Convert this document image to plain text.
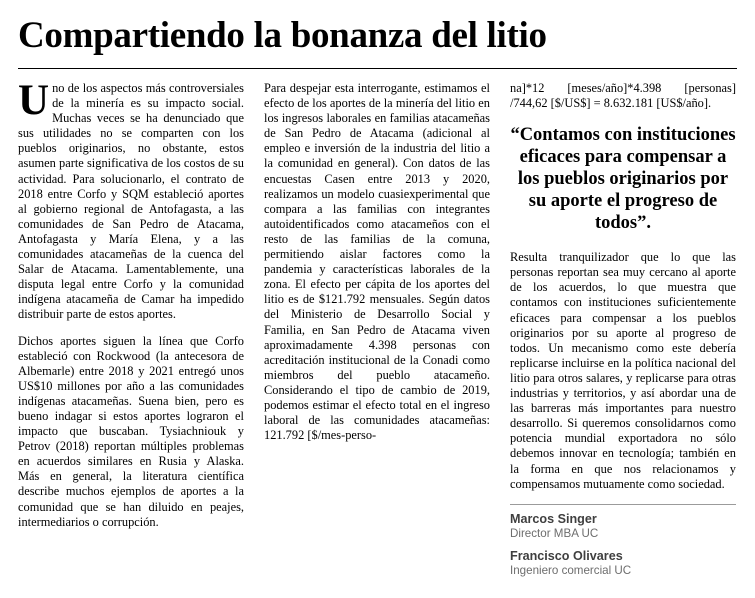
Compartiendo la bonanza del litio

Uno de los aspectos más controversiales de la minería es su impacto social. Muchas veces se ha denunciado que sus utilidades no se comparten con los pueblos originarios, no obstante, estos asumen parte significativa de los costos de su actividad. Para solucionarlo, el contrato de 2018 entre Corfo y SQM estableció aportes al gobierno regional de Antofagasta, a las comunidades de San Pedro de Atacama, Antofagasta y María Elena, y a las comunidades atacameñas de la cuenca del Salar de Atacama. Lamentablemente, una disputa legal entre Corfo y la comunidad indígena atacameña de Camar ha impedido distribuir parte de estos aportes.

Dichos aportes siguen la línea que Corfo estableció con Rockwood (la antecesora de Albemarle) entre 2018 y 2021 entregó unos US$10 millones por año a las comunidades indígenas atacameñas. Suena bien, pero es bueno indagar si estos aportes lograron el impacto que buscaban. Tysiachniouk y Petrov (2018) reportan múltiples problemas en acuerdos similares en Rusia y Alaska. Más en general, la literatura científica describe muchos ejemplos de aportes a la comunidad que se han diluido en peajes, intermediarios o corrupción.

Para despejar esta interrogante, estimamos el efecto de los aportes de la minería del litio en los ingresos laborales en familias atacameñas de San Pedro de Atacama (adicional al empleo e inversión de la industria del litio a la comunidad en general). Con datos de las encuestas Casen entre 2013 y 2020, realizamos un modelo cuasiexperimental que compara a las familias con integrantes autoidentificados como atacameños con el resto de las familias de la comuna, permitiendo aislar factores como la pandemia y características laborales de la zona. El efecto per cápita de los aportes del litio es de $121.792 mensuales. Según datos del Ministerio de Desarrollo Social y Familia, en San Pedro de Atacama viven aproximadamente 4.398 personas con acreditación institucional de la Conadi como miembros del pueblo atacameño. Considerando el tipo de cambio de 2019, podemos estimar el efecto total en el ingreso laboral de las comunidades atacameñas: 121.792 [$/mes-perso-

na]*12 [meses/año]*4.398 [personas] /744,62 [$/US$] = 8.632.181 [US$/año].

“Contamos con instituciones eficaces para compensar a los pueblos originarios por su aporte el progreso de todos”.

Resulta tranquilizador que lo que las personas reportan sea muy cercano al aporte de los acuerdos, lo que muestra que contamos con instituciones suficientemente eficaces para compensar a los pueblos originarios por su aporte al progreso de todos. Un mecanismo como este debería replicarse incluirse en la política nacional del litio para otros salares, y replicarse para otras industrias y territorios, y así abordar una de las barreras más importantes para nuestro desarrollo. Si queremos consolidarnos como potencia mundial exportadora no sólo debemos innovar en tecnología; también en la forma en que nos relacionamos y compensamos mutuamente como sociedad.

Marcos Singer
Director MBA UC
Francisco Olivares
Ingeniero comercial UC
